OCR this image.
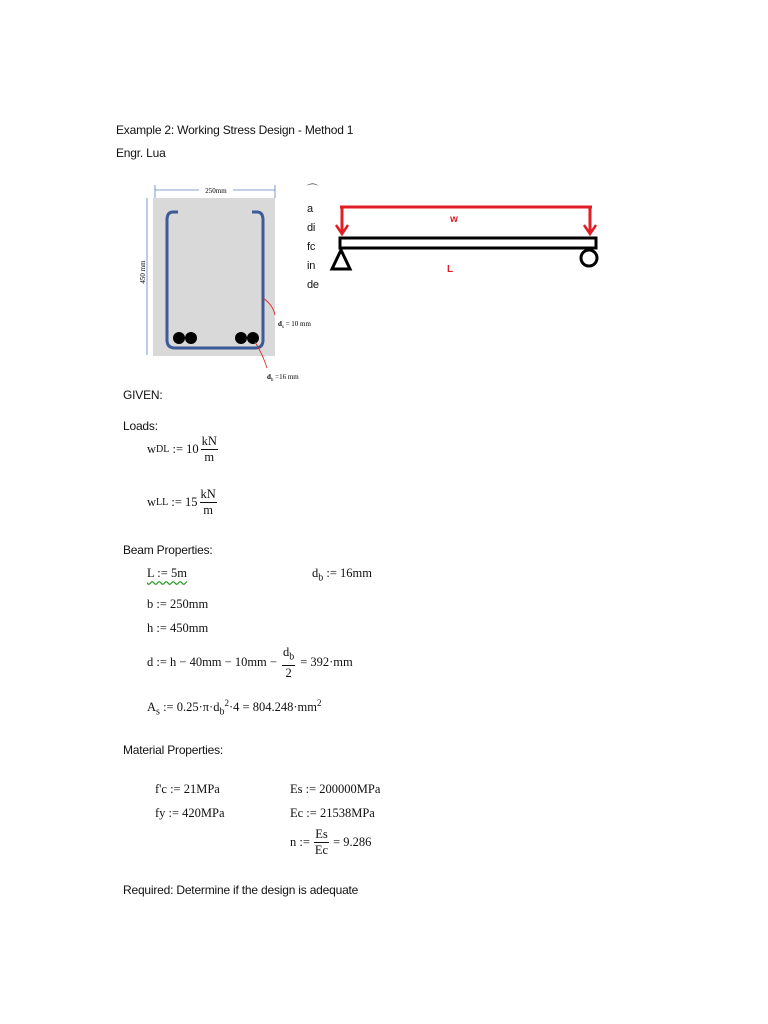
Example 2: Working Stress Design - Method 1
Engr. Lua
250mm
450 mm
$d_s = 10$ mm
$d_b =16$ mm
⌒
a
di
fc
in
de
w
L
GIVEN:
Loads:
w DL
:=
$10 \frac{kN}{m}$
w LL
:=
$15 \frac{kN}{m}$
Beam Properties:
L := 5m	$d_b$ := 16mm
b := 250mm
h := 450mm
d := $h - 40mm - 10mm - \frac{d_b}{2} = 392\cdot mm$
$A_s$ := $0.25\cdot\pi\cdot d_b^2\cdot 4 = 804.248\cdot mm^2$
Material Properties:
f'c := 21MPa
fy := 420MPa
Es := 200000MPa
Ec := 21538MPa
n := $\frac{Es}{Ec} = 9.286$
Required: Determine if the design is adequate
